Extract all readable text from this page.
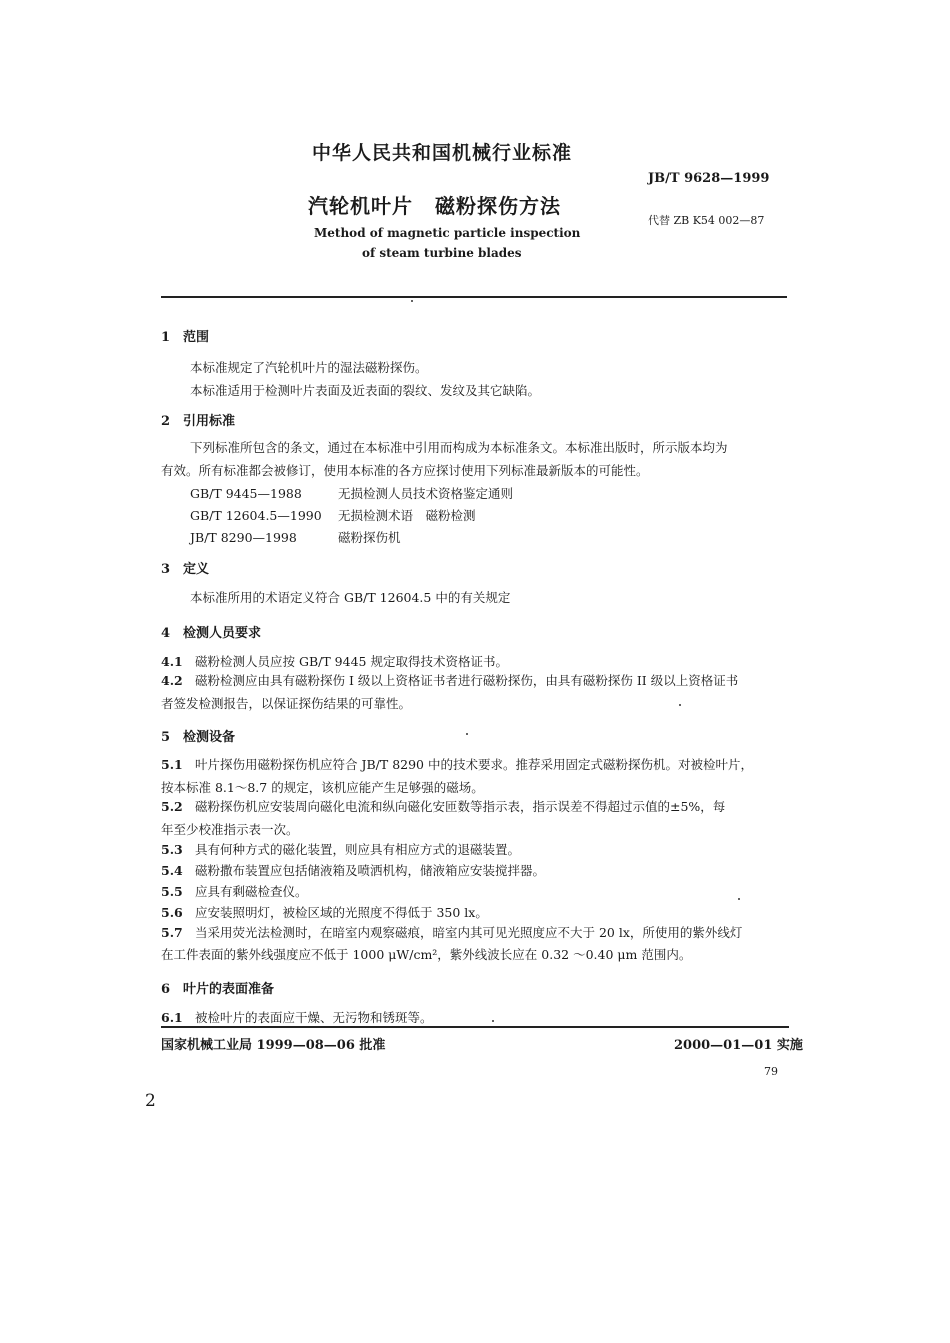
中华人民共和国机械行业标准
JB/T 9628—1999
汽轮机叶片 磁粉探伤方法
代替 ZB K54 002—87
Method of magnetic particle inspection
of steam turbine blades
1 范围
本标准规定了汽轮机叶片的湿法磁粉探伤。
本标准适用于检测叶片表面及近表面的裂纹、发纹及其它缺陷。
2 引用标准
下列标准所包含的条文，通过在本标准中引用而构成为本标准条文。本标准出版时，所示版本均为
有效。所有标准都会被修订，使用本标准的各方应探讨使用下列标准最新版本的可能性。
GB/T 9445—1988	无损检测人员技术资格鉴定通则
GB/T 12604.5—1990 无损检测术语　磁粉检测
JB/T 8290—1998	磁粉探伤机
3 定义
本标准所用的术语定义符合 GB/T 12604.5 中的有关规定
4 检测人员要求
4.1 磁粉检测人员应按 GB/T 9445 规定取得技术资格证书。
4.2 磁粉检测应由具有磁粉探伤 I 级以上资格证书者进行磁粉探伤，由具有磁粉探伤 II 级以上资格证书
者签发检测报告，以保证探伤结果的可靠性。
5 检测设备
5.1 叶片探伤用磁粉探伤机应符合 JB/T 8290 中的技术要求。推荐采用固定式磁粉探伤机。对被检叶片，
按本标准 8.1～8.7 的规定，该机应能产生足够强的磁场。
5.2 磁粉探伤机应安装周向磁化电流和纵向磁化安匝数等指示表，指示误差不得超过示值的±5%，每
年至少校准指示表一次。
5.3 具有何种方式的磁化装置，则应具有相应方式的退磁装置。
5.4 磁粉撒布装置应包括储液箱及喷洒机构，储液箱应安装搅拌器。
5.5 应具有剩磁检查仪。
5.6 应安装照明灯，被检区域的光照度不得低于 350 lx。
5.7 当采用荧光法检测时，在暗室内观察磁痕，暗室内其可见光照度应不大于 20 lx，所使用的紫外线灯
在工件表面的紫外线强度应不低于 1000 μW/cm²，紫外线波长应在 0.32 ～0.40 μm 范围内。
6 叶片的表面准备
6.1 被检叶片的表面应干燥、无污物和锈斑等。
国家机械工业局 1999—08—06 批准	2000—01—01 实施
79
2
